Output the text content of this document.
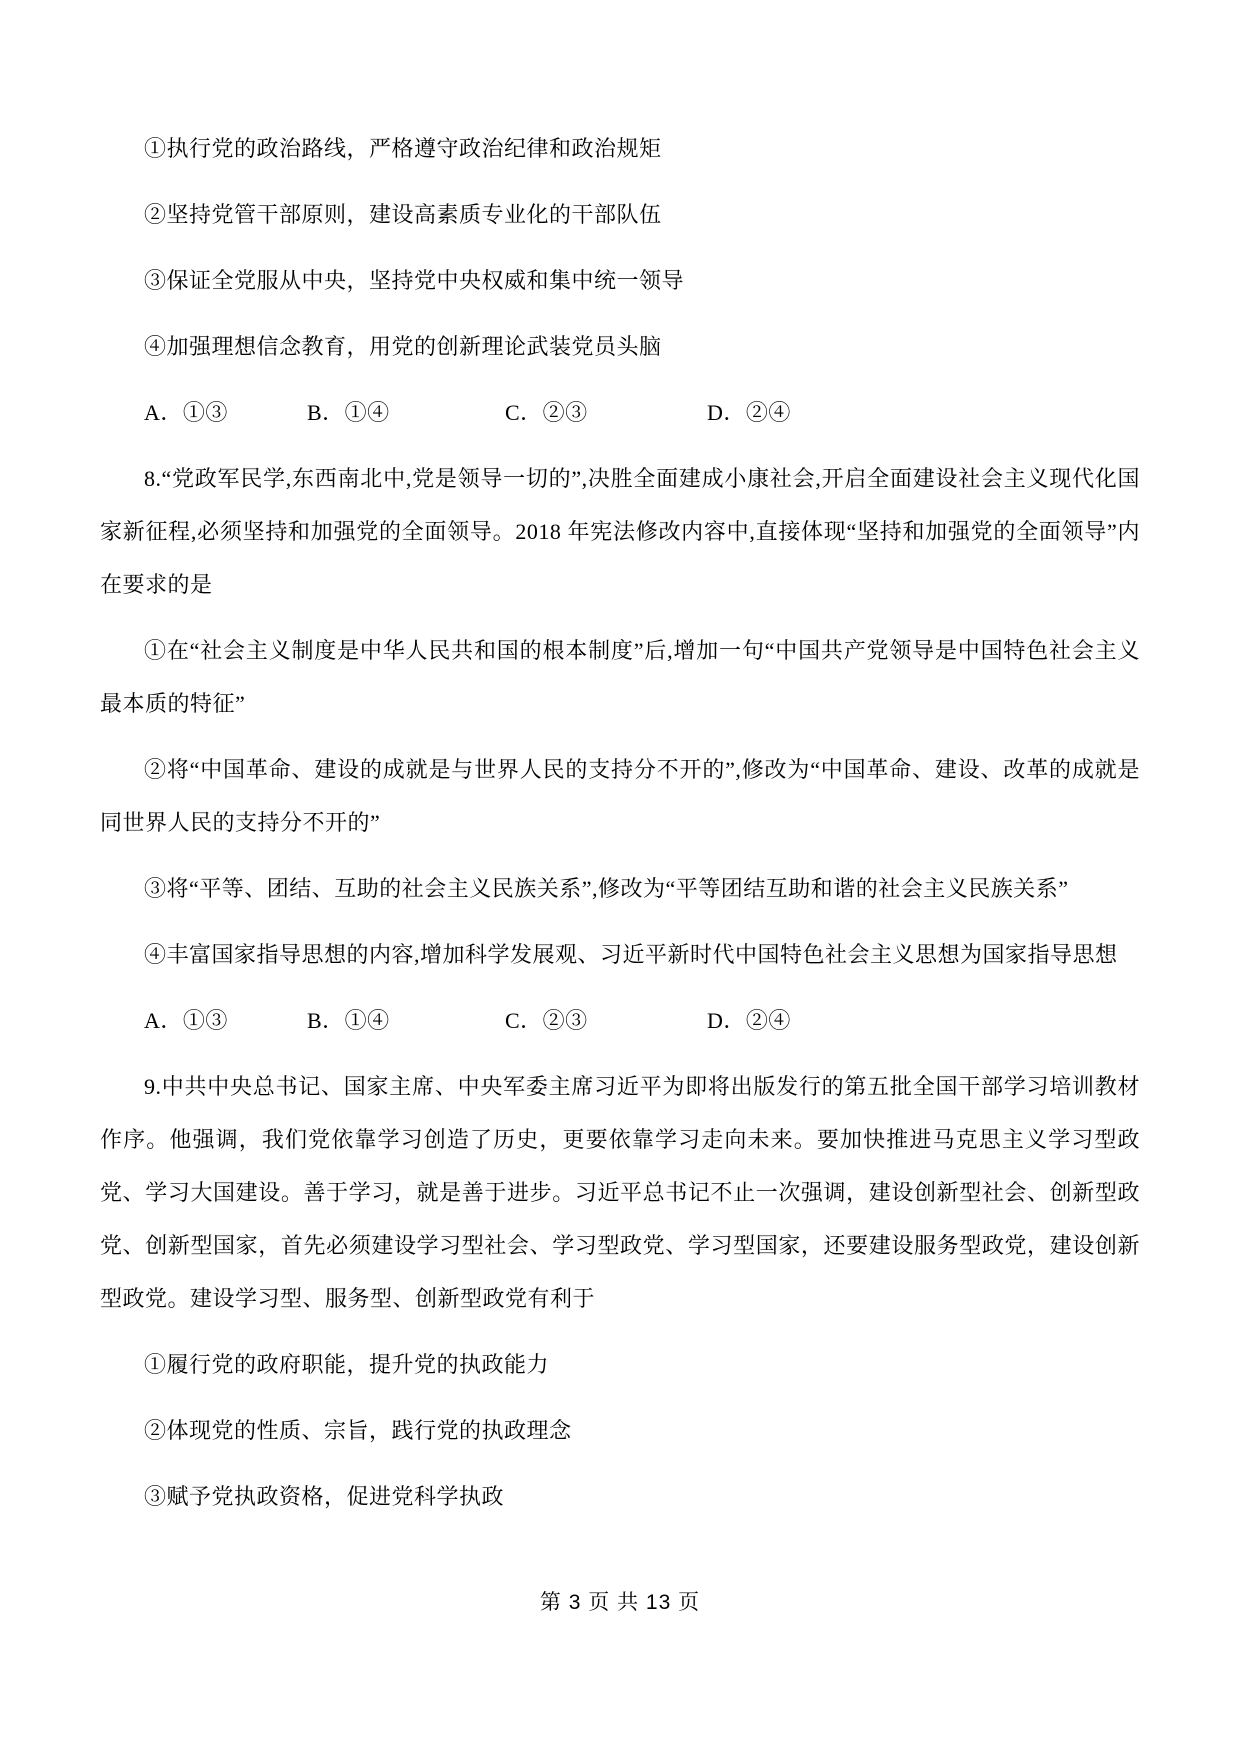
①执行党的政治路线，严格遵守政治纪律和政治规矩

②坚持党管干部原则，建设高素质专业化的干部队伍

③保证全党服从中央，坚持党中央权威和集中统一领导

④加强理想信念教育，用党的创新理论武装党员头脑

A．①③	B．①④	C．②③	D．②④

8.“党政军民学,东西南北中,党是领导一切的”,决胜全面建成小康社会,开启全面建设社会主义现代化国家新征程,必须坚持和加强党的全面领导。2018 年宪法修改内容中,直接体现“坚持和加强党的全面领导”内在要求的是

①在“社会主义制度是中华人民共和国的根本制度”后,增加一句“中国共产党领导是中国特色社会主义最本质的特征”

②将“中国革命、建设的成就是与世界人民的支持分不开的”,修改为“中国革命、建设、改革的成就是同世界人民的支持分不开的”

③将“平等、团结、互助的社会主义民族关系”,修改为“平等团结互助和谐的社会主义民族关系”

④丰富国家指导思想的内容,增加科学发展观、习近平新时代中国特色社会主义思想为国家指导思想

A．①③	B．①④	C．②③	D．②④

9.中共中央总书记、国家主席、中央军委主席习近平为即将出版发行的第五批全国干部学习培训教材作序。他强调，我们党依靠学习创造了历史，更要依靠学习走向未来。要加快推进马克思主义学习型政党、学习大国建设。善于学习，就是善于进步。习近平总书记不止一次强调，建设创新型社会、创新型政党、创新型国家，首先必须建设学习型社会、学习型政党、学习型国家，还要建设服务型政党，建设创新型政党。建设学习型、服务型、创新型政党有利于

①履行党的政府职能，提升党的执政能力

②体现党的性质、宗旨，践行党的执政理念

③赋予党执政资格，促进党科学执政

第 3 页 共 13 页
